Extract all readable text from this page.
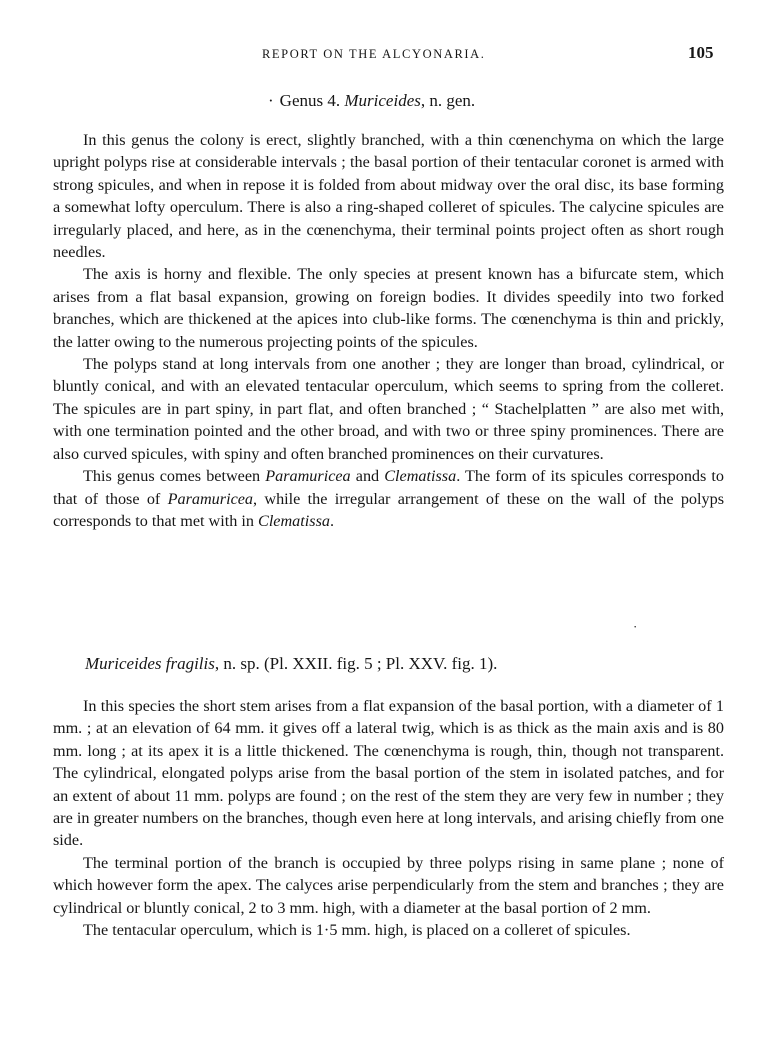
REPORT ON THE ALCYONARIA.	105
· Genus 4. Muriceides, n. gen.

In this genus the colony is erect, slightly branched, with a thin cœnenchyma on which the large upright polyps rise at considerable intervals ; the basal portion of their tentacular coronet is armed with strong spicules, and when in repose it is folded from about midway over the oral disc, its base forming a somewhat lofty operculum. There is also a ring-shaped colleret of spicules. The calycine spicules are irregularly placed, and here, as in the cœnenchyma, their terminal points project often as short rough needles.

The axis is horny and flexible. The only species at present known has a bifurcate stem, which arises from a flat basal expansion, growing on foreign bodies. It divides speedily into two forked branches, which are thickened at the apices into club-like forms. The cœnenchyma is thin and prickly, the latter owing to the numerous projecting points of the spicules.

The polyps stand at long intervals from one another ; they are longer than broad, cylindrical, or bluntly conical, and with an elevated tentacular operculum, which seems to spring from the colleret. The spicules are in part spiny, in part flat, and often branched ; “ Stachelplatten ” are also met with, with one termination pointed and the other broad, and with two or three spiny prominences. There are also curved spicules, with spiny and often branched prominences on their curvatures.

This genus comes between Paramuricea and Clematissa. The form of its spicules corresponds to that of those of Paramuricea, while the irregular arrangement of these on the wall of the polyps corresponds to that met with in Clematissa.

·
Muriceides fragilis, n. sp. (Pl. XXII. fig. 5 ; Pl. XXV. fig. 1).

In this species the short stem arises from a flat expansion of the basal portion, with a diameter of 1 mm. ; at an elevation of 64 mm. it gives off a lateral twig, which is as thick as the main axis and is 80 mm. long ; at its apex it is a little thickened. The cœnenchyma is rough, thin, though not transparent. The cylindrical, elongated polyps arise from the basal portion of the stem in isolated patches, and for an extent of about 11 mm. polyps are found ; on the rest of the stem they are very few in number ; they are in greater numbers on the branches, though even here at long intervals, and arising chiefly from one side.

The terminal portion of the branch is occupied by three polyps rising in same plane ; none of which however form the apex. The calyces arise perpendicularly from the stem and branches ; they are cylindrical or bluntly conical, 2 to 3 mm. high, with a diameter at the basal portion of 2 mm.

The tentacular operculum, which is 1·5 mm. high, is placed on a colleret of spicules.
